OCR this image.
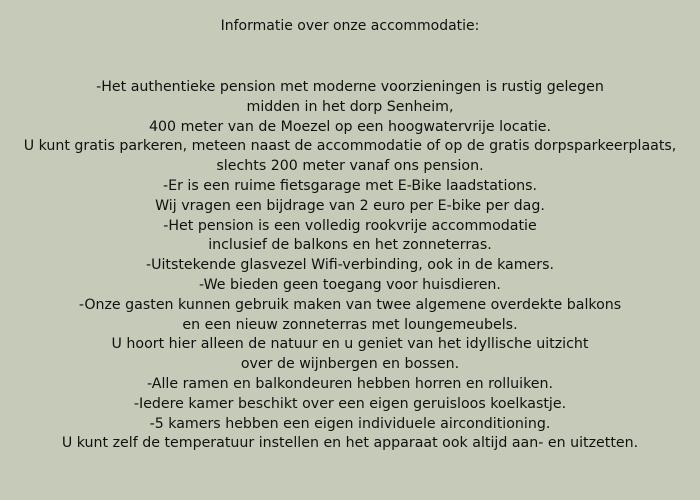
Informatie over onze accommodatie:
-Het authentieke pension met moderne voorzieningen is rustig gelegen
midden in het dorp Senheim,
400 meter van de Moezel op een hoogwatervrije locatie.
U kunt gratis parkeren, meteen naast de accommodatie of op de gratis dorpsparkeerplaats,
slechts 200 meter vanaf ons pension.
-Er is een ruime fietsgarage met E-Bike laadstations.
Wij vragen een bijdrage van 2 euro per E-bike per dag.
-Het pension is een volledig rookvrije accommodatie
inclusief de balkons en het zonneterras.
-Uitstekende glasvezel Wifi-verbinding, ook in de kamers.
-We bieden geen toegang voor huisdieren.
-Onze gasten kunnen gebruik maken van twee algemene overdekte balkons
en een nieuw zonneterras met loungemeubels.
U hoort hier alleen de natuur en u geniet van het idyllische uitzicht
over de wijnbergen en bossen.
-Alle ramen en balkondeuren hebben horren en rolluiken.
-Iedere kamer beschikt over een eigen geruisloos koelkastje.
-5 kamers hebben een eigen individuele airconditioning.
U kunt zelf de temperatuur instellen en het apparaat ook altijd aan- en uitzetten.
